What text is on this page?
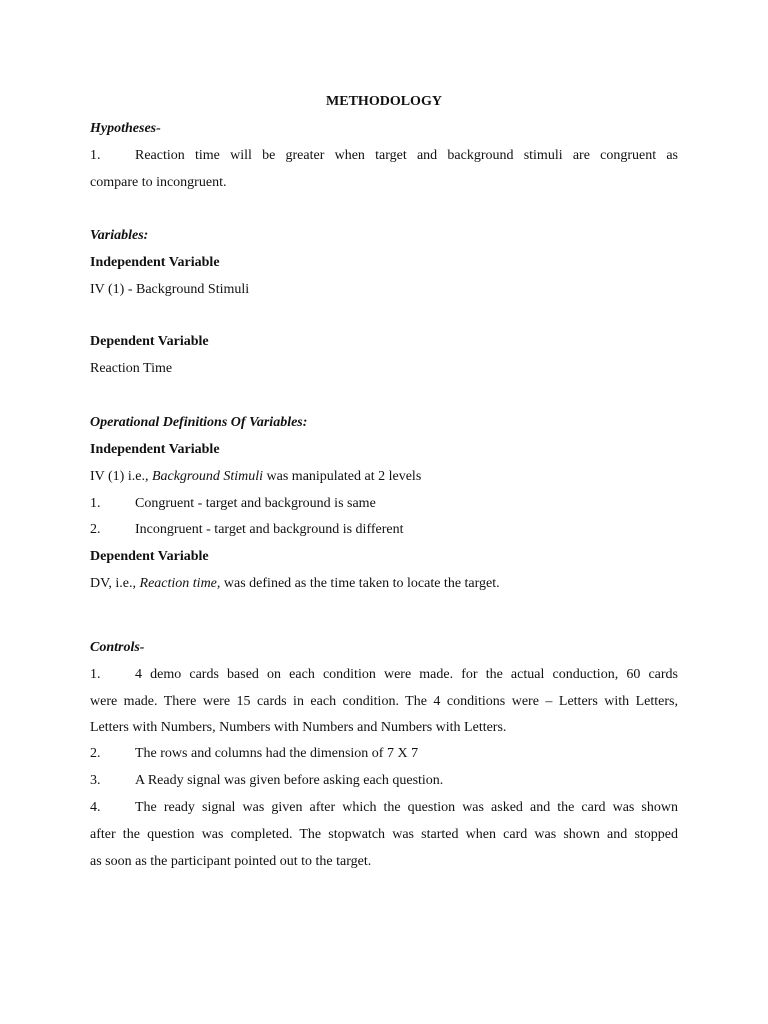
METHODOLOGY
Hypotheses-
1. Reaction time will be greater when target and background stimuli are congruent as
compare to incongruent.
Variables:
Independent Variable
IV (1) - Background Stimuli
Dependent Variable
Reaction Time
Operational Definitions Of Variables:
Independent Variable
IV (1) i.e., Background Stimuli was manipulated at 2 levels
1. Congruent - target and background is same
2. Incongruent - target and background is different
Dependent Variable
DV, i.e., Reaction time, was defined as the time taken to locate the target.
Controls-
1. 4 demo cards based on each condition were made. for the actual conduction, 60 cards
were made. There were 15 cards in each condition. The 4 conditions were – Letters with Letters,
Letters with Numbers, Numbers with Numbers and Numbers with Letters.
2. The rows and columns had the dimension of 7 X 7
3. A Ready signal was given before asking each question.
4. The ready signal was given after which the question was asked and the card was shown
after the question was completed. The stopwatch was started when card was shown and stopped
as soon as the participant pointed out to the target.
